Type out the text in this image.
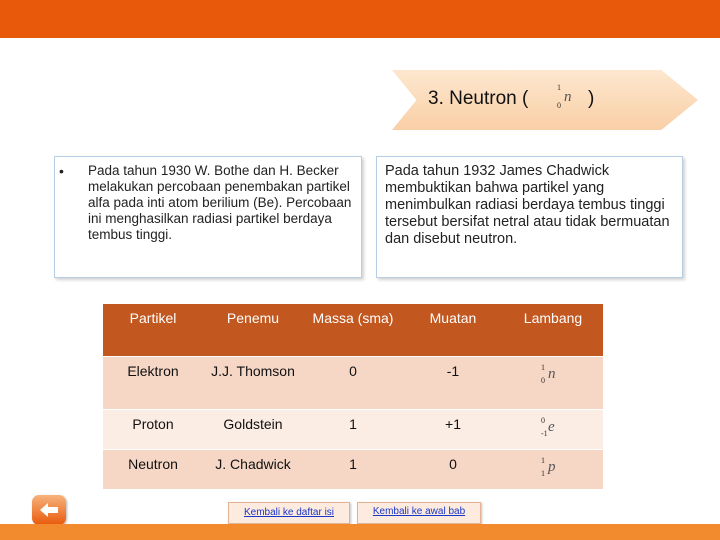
3. Neutron (
1
n
0 )
• Pada tahun 1930 W. Bothe dan H. Becker melakukan percobaan penembakan partikel alfa pada inti atom berilium (Be). Percobaan ini menghasilkan radiasi partikel berdaya tembus tinggi.
Pada tahun 1932 James Chadwick membuktikan bahwa partikel yang menimbulkan radiasi berdaya tembus tinggi tersebut bersifat netral atau tidak bermuatan dan disebut neutron.
Partikel	Penemu	Massa (sma)	Muatan	Lambang
Elektron	J.J. Thomson	0	-1	1 n
0

Proton	Goldstein	1	+1	0 e
-1

Neutron	J. Chadwick	1	0	1 p
1
Kembali ke daftar isi	Kembali ke awal bab
